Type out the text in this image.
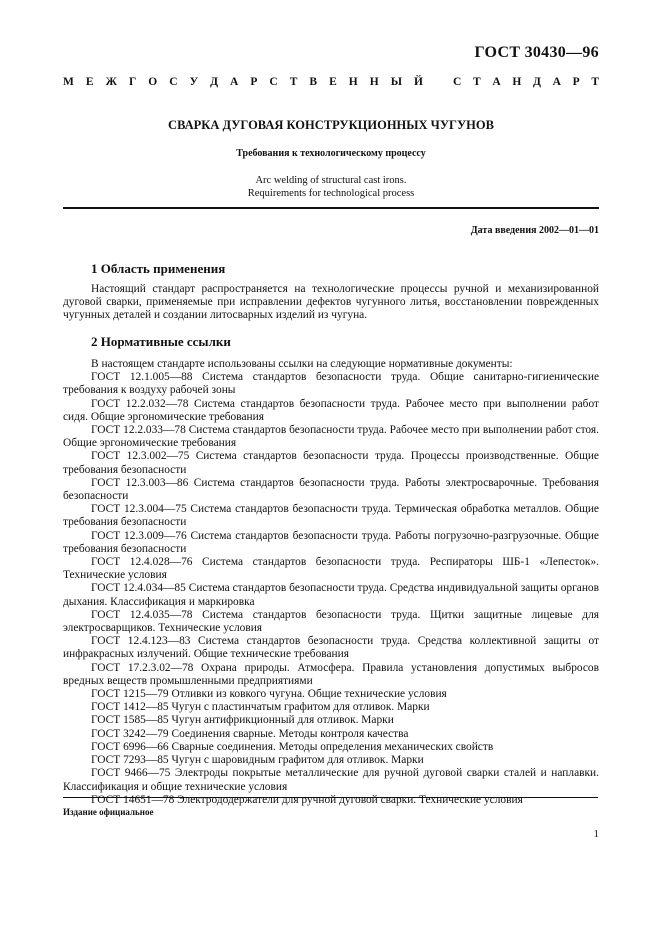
ГОСТ 30430—96
М Е Ж Г О С У Д А Р С Т В Е Н Н Ы Й	С Т А Н Д А Р Т
СВАРКА ДУГОВАЯ КОНСТРУКЦИОННЫХ ЧУГУНОВ
Требования к технологическому процессу
Arc welding of structural cast irons.
Requirements for technological process
Дата введения 2002—01—01
1 Область применения
Настоящий стандарт распространяется на технологические процессы ручной и механизированной дуговой сварки, применяемые при исправлении дефектов чугунного литья, восстановлении поврежденных чугунных деталей и создании литосварных изделий из чугуна.
2 Нормативные ссылки
В настоящем стандарте использованы ссылки на следующие нормативные документы:
ГОСТ 12.1.005—88 Система стандартов безопасности труда. Общие санитарно-гигиенические требования к воздуху рабочей зоны
ГОСТ 12.2.032—78 Система стандартов безопасности труда. Рабочее место при выполнении работ сидя. Общие эргономические требования
ГОСТ 12.2.033—78 Система стандартов безопасности труда. Рабочее место при выполнении работ стоя. Общие эргономические требования
ГОСТ 12.3.002—75 Система стандартов безопасности труда. Процессы производственные. Общие требования безопасности
ГОСТ 12.3.003—86 Система стандартов безопасности труда. Работы электросварочные. Требования безопасности
ГОСТ 12.3.004—75 Система стандартов безопасности труда. Термическая обработка металлов. Общие требования безопасности
ГОСТ 12.3.009—76 Система стандартов безопасности труда. Работы погрузочно-разгрузочные. Общие требования безопасности
ГОСТ 12.4.028—76 Система стандартов безопасности труда. Респираторы ШБ-1 «Лепесток». Технические условия
ГОСТ 12.4.034—85 Система стандартов безопасности труда. Средства индивидуальной защиты органов дыхания. Классификация и маркировка
ГОСТ 12.4.035—78 Система стандартов безопасности труда. Щитки защитные лицевые для электросварщиков. Технические условия
ГОСТ 12.4.123—83 Система стандартов безопасности труда. Средства коллективной защиты от инфракрасных излучений. Общие технические требования
ГОСТ 17.2.3.02—78 Охрана природы. Атмосфера. Правила установления допустимых выбросов вредных веществ промышленными предприятиями
ГОСТ 1215—79 Отливки из ковкого чугуна. Общие технические условия
ГОСТ 1412—85 Чугун с пластинчатым графитом для отливок. Марки
ГОСТ 1585—85 Чугун антифрикционный для отливок. Марки
ГОСТ 3242—79 Соединения сварные. Методы контроля качества
ГОСТ 6996—66 Сварные соединения. Методы определения механических свойств
ГОСТ 7293—85 Чугун с шаровидным графитом для отливок. Марки
ГОСТ 9466—75 Электроды покрытые металлические для ручной дуговой сварки сталей и наплавки. Классификация и общие технические условия
ГОСТ 14651—78 Электрододержатели для ручной дуговой сварки. Технические условия
Издание официальное
1
